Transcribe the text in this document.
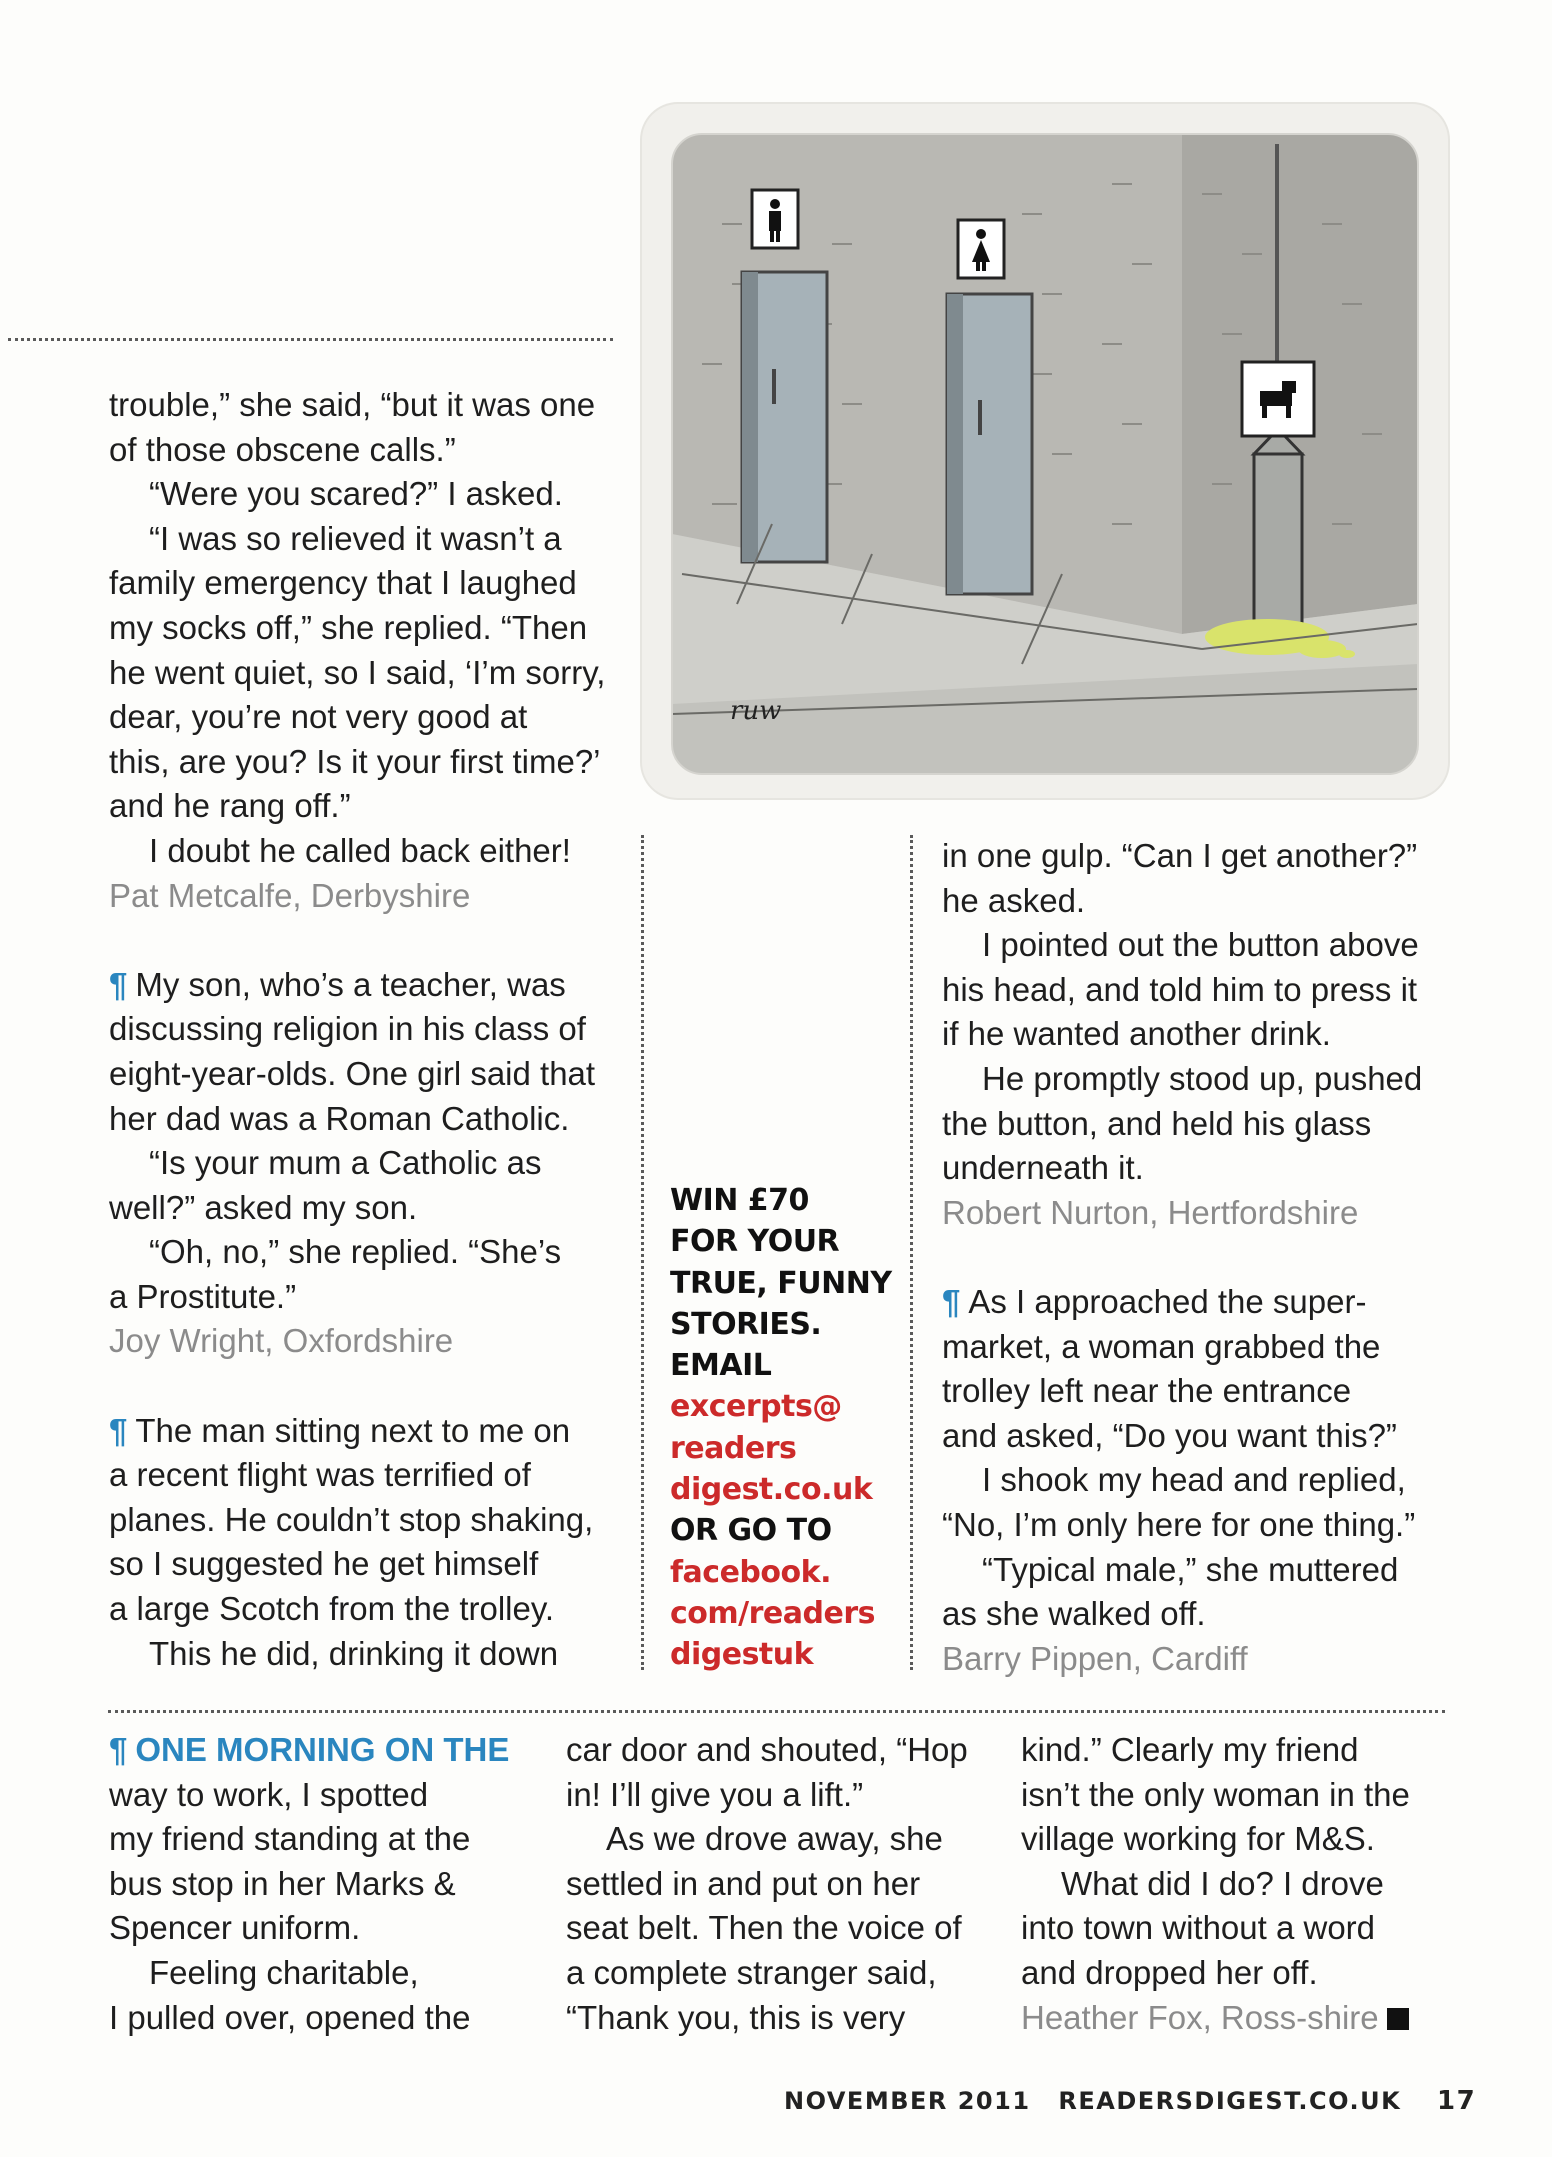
ruw

trouble,” she said, “but it was one

of those obscene calls.”

“Were you scared?” I asked.

“I was so relieved it wasn’t a

family emergency that I laughed

my socks off,” she replied. “Then

he went quiet, so I said, ‘I’m sorry,

dear, you’re not very good at

this, are you? Is it your first time?’

and he rang off.”

I doubt he called back either!

Pat Metcalfe, Derbyshire

¶ My son, who’s a teacher, was

discussing religion in his class of

eight-year-olds. One girl said that

her dad was a Roman Catholic.

“Is your mum a Catholic as

well?” asked my son.

“Oh, no,” she replied. “She’s

a Prostitute.”

Joy Wright, Oxfordshire

¶ The man sitting next to me on

a recent flight was terrified of

planes. He couldn’t stop shaking,

so I suggested he get himself

a large Scotch from the trolley.

This he did, drinking it down

WIN £70
FOR YOUR
TRUE, FUNNY
STORIES.
EMAIL
excerpts@
readers
digest.co.uk
OR GO TO
facebook.
com/readers
digestuk

in one gulp. “Can I get another?”

he asked.

I pointed out the button above

his head, and told him to press it

if he wanted another drink.

He promptly stood up, pushed

the button, and held his glass

underneath it.

Robert Nurton, Hertfordshire

¶ As I approached the super-

market, a woman grabbed the

trolley left near the entrance

and asked, “Do you want this?”

I shook my head and replied,

“No, I’m only here for one thing.”

“Typical male,” she muttered

as she walked off.

Barry Pippen, Cardiff

¶ ONE MORNING ON THE

way to work, I spotted

my friend standing at the

bus stop in her Marks &

Spencer uniform.

Feeling charitable,

I pulled over, opened the

car door and shouted, “Hop

in! I’ll give you a lift.”

As we drove away, she

settled in and put on her

seat belt. Then the voice of

a complete stranger said,

“Thank you, this is very

kind.” Clearly my friend

isn’t the only woman in the

village working for M&S.

What did I do? I drove

into town without a word

and dropped her off.

Heather Fox, Ross-shire

NOVEMBER 2011 READERSDIGEST.CO.UK 17
